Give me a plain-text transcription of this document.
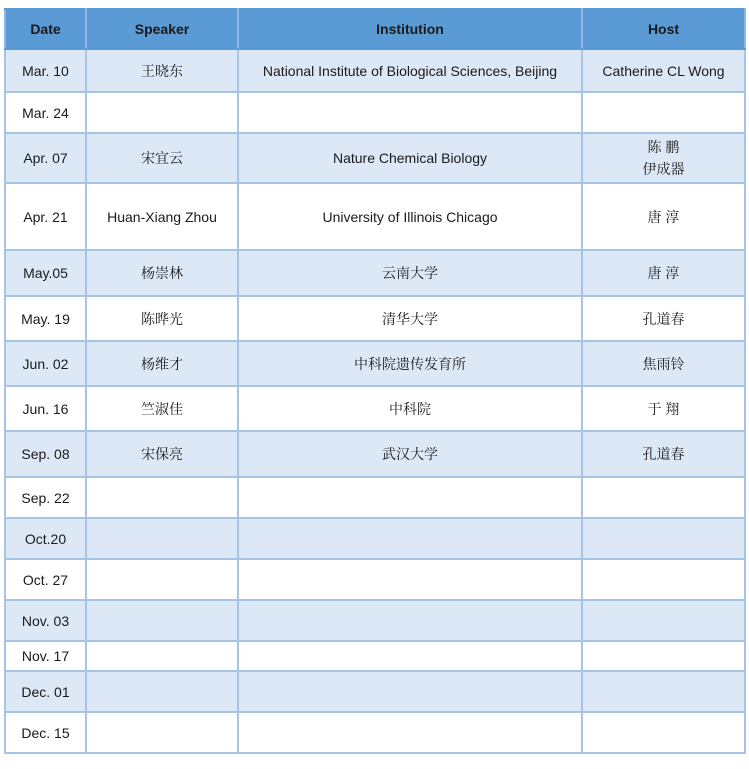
Date	Speaker	Institution	Host
Mar. 10	王晓东	National Institute of Biological Sciences, Beijing	Catherine CL Wong

Mar. 24			

Apr. 07	宋宜云	Nature Chemical Biology	陈 鹏
伊成器

Apr. 21	Huan-Xiang Zhou	University of Illinois Chicago	唐 淳

May.05	杨崇林	云南大学	唐 淳

May. 19	陈晔光	清华大学	孔道春

Jun. 02	杨维才	中科院遗传发育所	焦雨铃

Jun. 16	竺淑佳	中科院	于 翔

Sep. 08	宋保亮	武汉大学	孔道春

Sep. 22			

Oct.20			

Oct. 27			

Nov. 03			

Nov. 17			

Dec. 01			

Dec. 15			
